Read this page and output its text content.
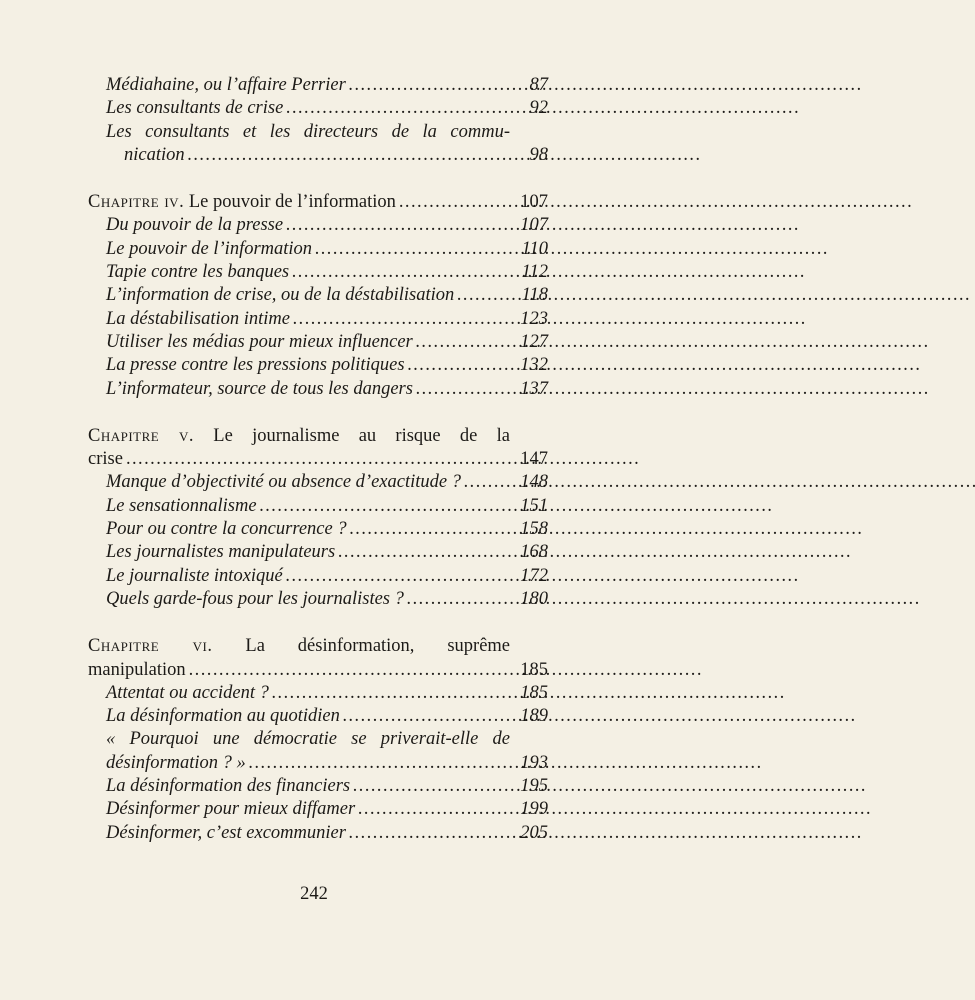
Médiahaine, ou l’affaire Perrier . . .	87
Les consultants de crise . . .	92
Les consultants et les directeurs de la commu-
nication . . .	98
Chapitre iv. Le pouvoir de l’information . . .	107
Du pouvoir de la presse . . .	107
Le pouvoir de l’information . . .	110
Tapie contre les banques . . .	112
L’information de crise, ou de la déstabilisation . . .	118
La déstabilisation intime . . .	123
Utiliser les médias pour mieux influencer . . .	127
La presse contre les pressions politiques . . .	132
L’informateur, source de tous les dangers . . .	137
Chapitre v. Le journalisme au risque de la
crise . . .	147
Manque d’objectivité ou absence d’exactitude ? . . .	148
Le sensationnalisme . . .	151
Pour ou contre la concurrence ? . . .	158
Les journalistes manipulateurs . . .	168
Le journaliste intoxiqué . . .	172
Quels garde-fous pour les journalistes ? . . .	180
Chapitre vi. La désinformation, suprême
manipulation . . .	185
Attentat ou accident ? . . .	185
La désinformation au quotidien . . .	189
« Pourquoi une démocratie se priverait-elle de
désinformation ? » . . .	193
La désinformation des financiers . . .	195
Désinformer pour mieux diffamer . . .	199
Désinformer, c’est excommunier . . .	205
242
